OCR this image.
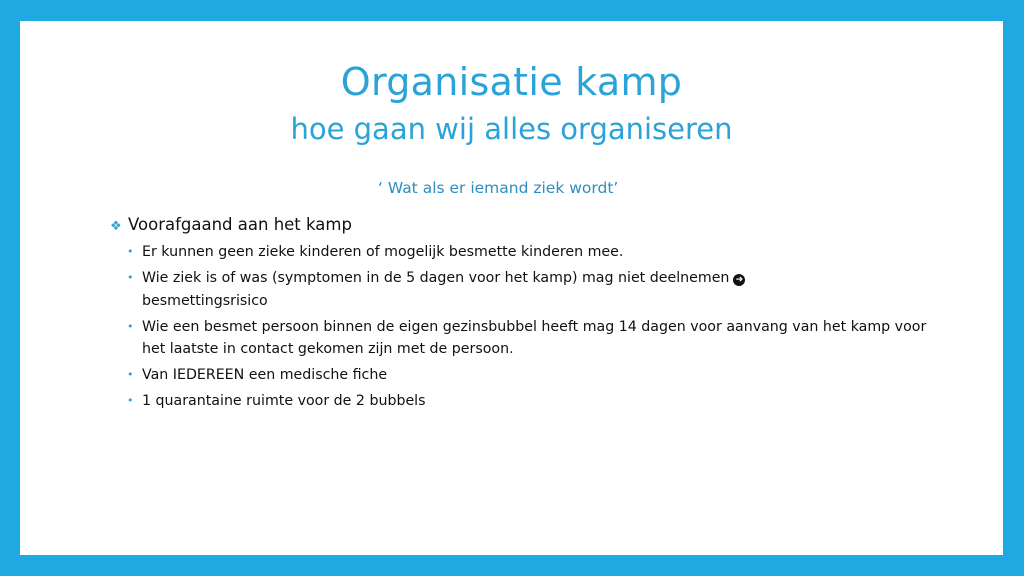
Organisatie kamp
hoe gaan wij alles organiseren
‘ Wat als er iemand ziek wordt’
❖ Voorafgaand aan het kamp
• Er kunnen geen zieke kinderen of mogelijk besmette kinderen mee.
• Wie ziek is of was (symptomen in de 5 dagen voor het kamp) mag niet deelnemen ➜
besmettingsrisico
• Wie een besmet persoon binnen de eigen gezinsbubbel heeft mag 14 dagen voor aanvang van het kamp voor het laatste in contact gekomen zijn met de persoon.
• Van IEDEREEN een medische fiche
• 1 quarantaine ruimte voor de 2 bubbels
